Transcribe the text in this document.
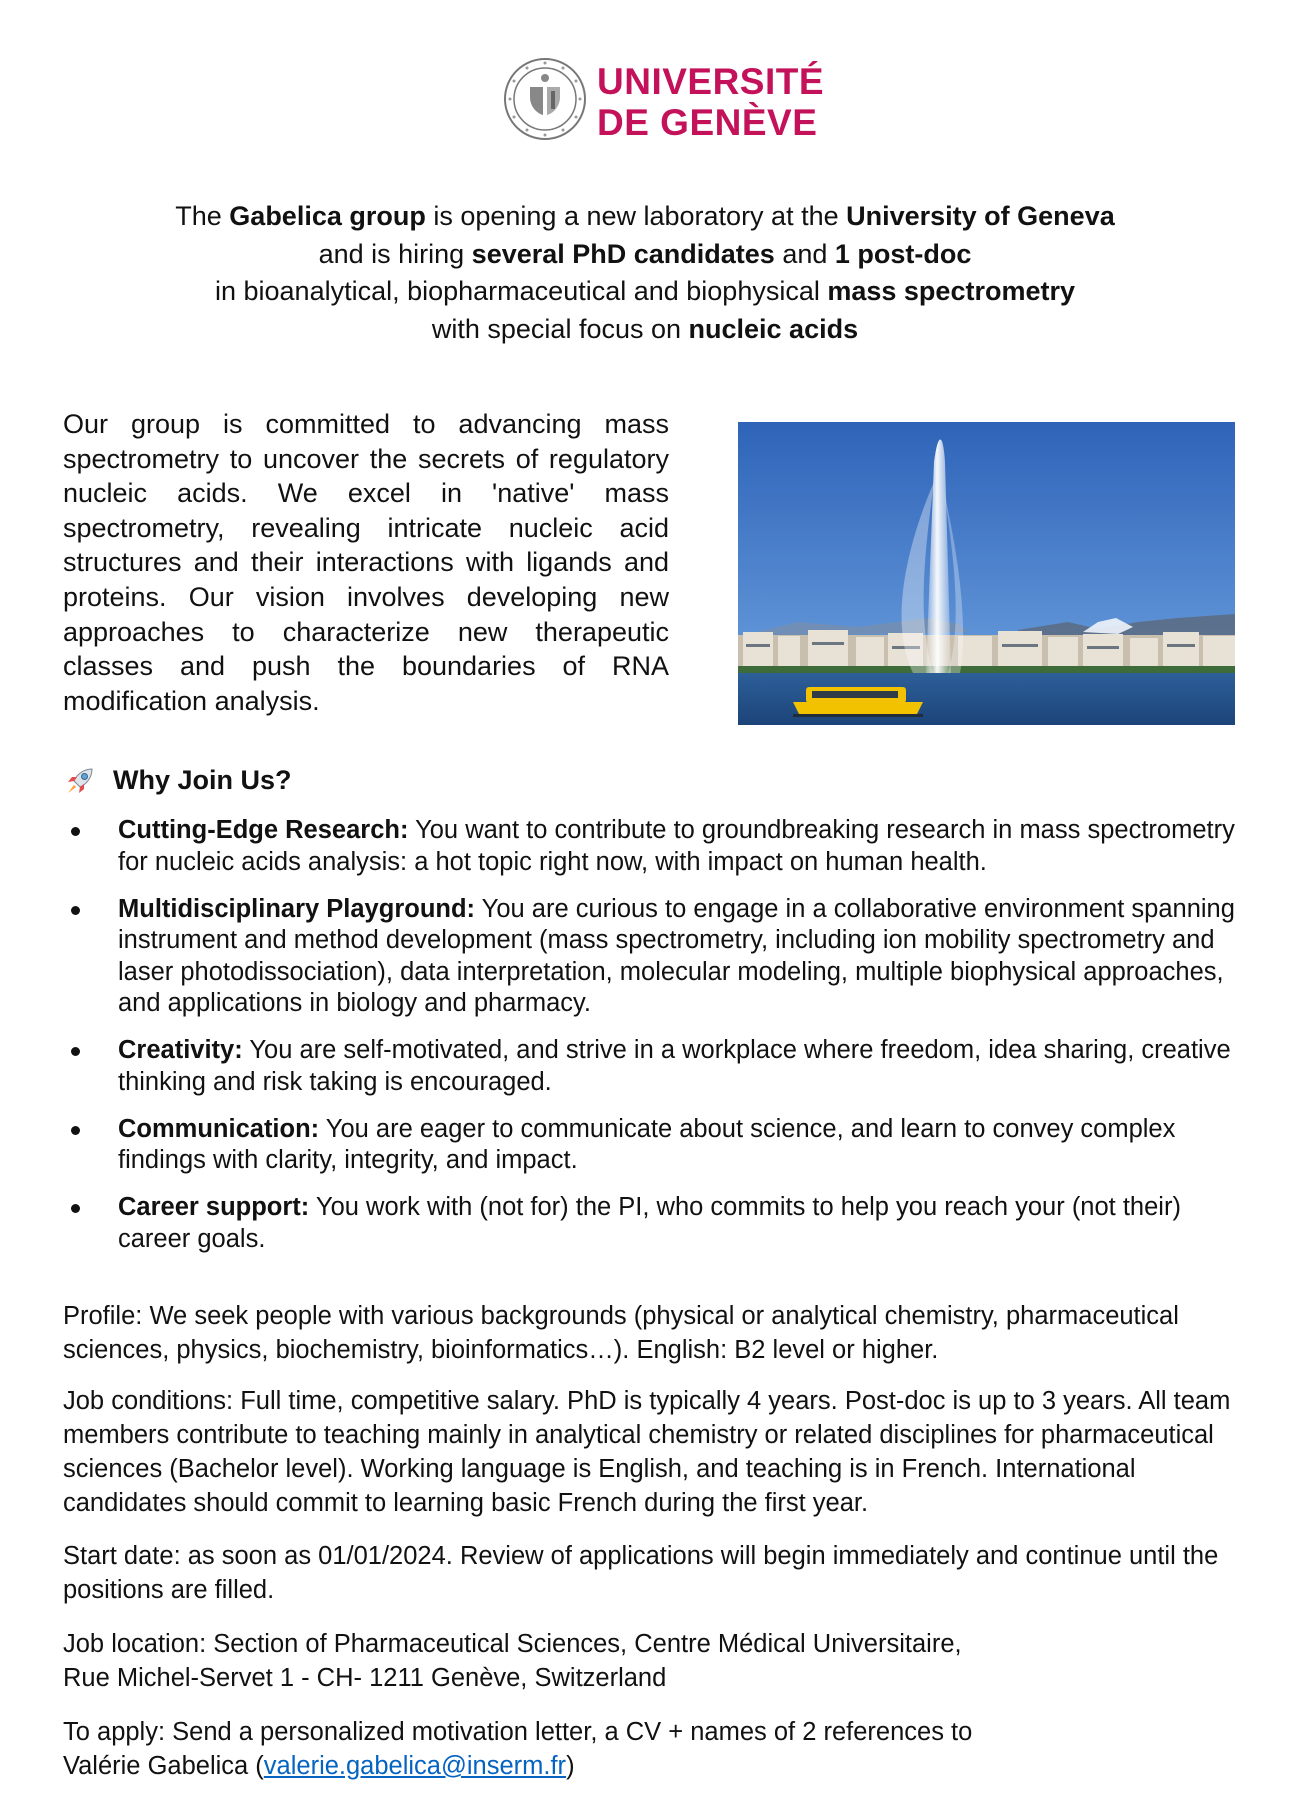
UNIVERSITÉ
DE GENÈVE
The Gabelica group is opening a new laboratory at the University of Geneva
and is hiring several PhD candidates and 1 post-doc
in bioanalytical, biopharmaceutical and biophysical mass spectrometry
with special focus on nucleic acids
Our group is committed to advancing mass spectrometry to uncover the secrets of regulatory nucleic acids. We excel in 'native' mass spectrometry, revealing intricate nucleic acid structures and their interactions with ligands and proteins. Our vision involves developing new approaches to characterize new therapeutic classes and push the boundaries of RNA modification analysis.
Why Join Us?
Cutting-Edge Research: You want to contribute to groundbreaking research in mass spectrometry for nucleic acids analysis: a hot topic right now, with impact on human health.
Multidisciplinary Playground: You are curious to engage in a collaborative environment spanning instrument and method development (mass spectrometry, including ion mobility spectrometry and laser photodissociation), data interpretation, molecular modeling, multiple biophysical approaches, and applications in biology and pharmacy.
Creativity: You are self-motivated, and strive in a workplace where freedom, idea sharing, creative thinking and risk taking is encouraged.
Communication: You are eager to communicate about science, and learn to convey complex findings with clarity, integrity, and impact.
Career support: You work with (not for) the PI, who commits to help you reach your (not their) career goals.
Profile: We seek people with various backgrounds (physical or analytical chemistry, pharmaceutical sciences, physics, biochemistry, bioinformatics…). English: B2 level or higher.
Job conditions: Full time, competitive salary. PhD is typically 4 years. Post-doc is up to 3 years. All team members contribute to teaching mainly in analytical chemistry or related disciplines for pharmaceutical sciences (Bachelor level). Working language is English, and teaching is in French. International candidates should commit to learning basic French during the first year.
Start date: as soon as 01/01/2024. Review of applications will begin immediately and continue until the positions are filled.
Job location: Section of Pharmaceutical Sciences, Centre Médical Universitaire,
Rue Michel-Servet 1 - CH- 1211 Genève, Switzerland
To apply: Send a personalized motivation letter, a CV + names of 2 references to
Valérie Gabelica (valerie.gabelica@inserm.fr)
